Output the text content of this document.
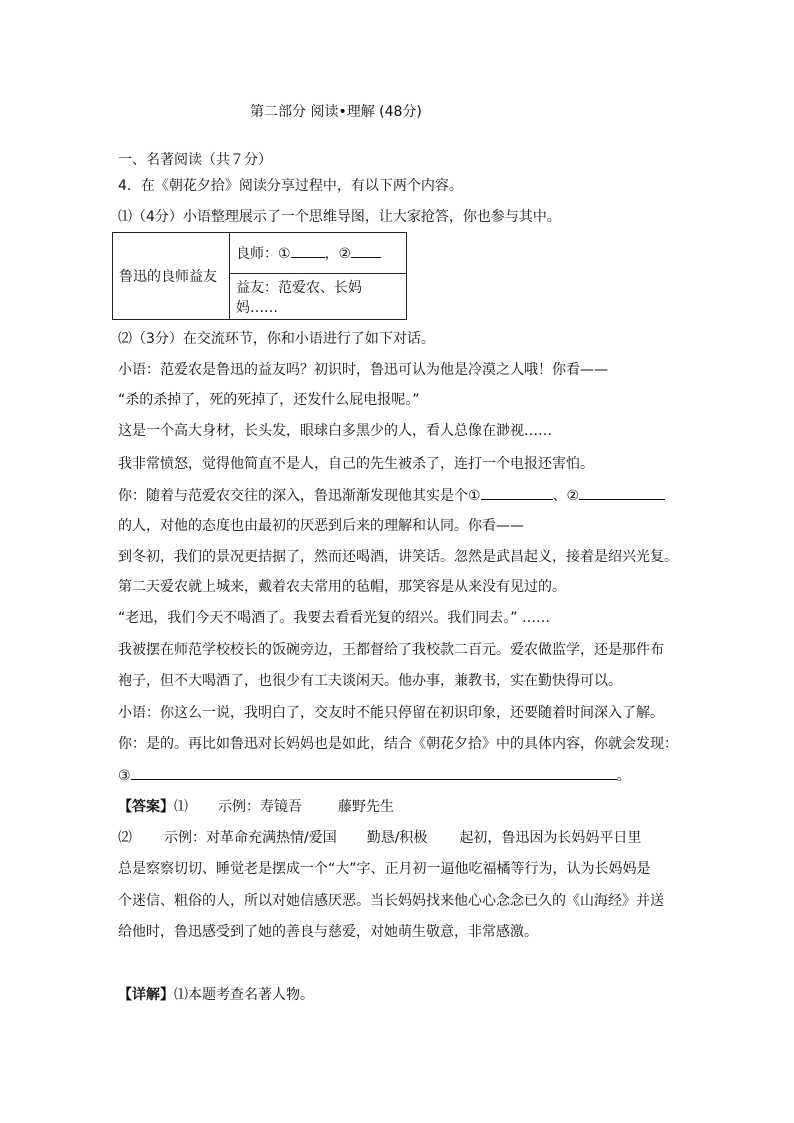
第二部分 阅读•理解 (48分)
一、名著阅读（共７分）
4．在《朝花夕拾》阅读分享过程中，有以下两个内容。
⑴（4分）小语整理展示了一个思维导图，让大家抢答，你也参与其中。
鲁迅的良师益友	良师：① ，②
益友：范爱农、长妈妈……
⑵（3分）在交流环节，你和小语进行了如下对话。
小语：范爱农是鲁迅的益友吗？初识时，鲁迅可认为他是冷漠之人哦！你看——
“杀的杀掉了，死的死掉了，还发什么屁电报呢。”
这是一个高大身材，长头发，眼球白多黑少的人，看人总像在渺视……
我非常愤怒，觉得他简直不是人，自己的先生被杀了，连打一个电报还害怕。
你：随着与范爱农交往的深入，鲁迅渐渐发现他其实是个①	、②
的人，对他的态度也由最初的厌恶到后来的理解和认同。你看——
到冬初，我们的景况更拮据了，然而还喝酒，讲笑话。忽然是武昌起义，接着是绍兴光复。
第二天爱农就上城来，戴着农夫常用的毡帽，那笑容是从来没有见过的。
“老迅，我们今天不喝酒了。我要去看看光复的绍兴。我们同去。” ……
我被摆在师范学校校长的饭碗旁边，王都督给了我校款二百元。爱农做监学，还是那件布
袍子，但不大喝酒了，也很少有工夫谈闲天。他办事，兼教书，实在勤快得可以。
小语：你这么一说，我明白了，交友时不能只停留在初识印象，还要随着时间深入了解。
你：是的。再比如鲁迅对长妈妈也是如此，结合《朝花夕拾》中的具体内容，你就会发现：
③	。
【答案】⑴ 示例：寿镜吾	藤野先生
⑵ 示例：对革命充满热情/爱国 勤恳/积极 起初，鲁迅因为长妈妈平日里
总是察察切切、睡觉老是摆成一个“大”字、正月初一逼他吃福橘等行为，认为长妈妈是
个迷信、粗俗的人，所以对她信感厌恶。当长妈妈找来他心心念念已久的《山海经》并送
给他时，鲁迅感受到了她的善良与慈爱，对她萌生敬意，非常感激。
【详解】⑴本题考查名著人物。
